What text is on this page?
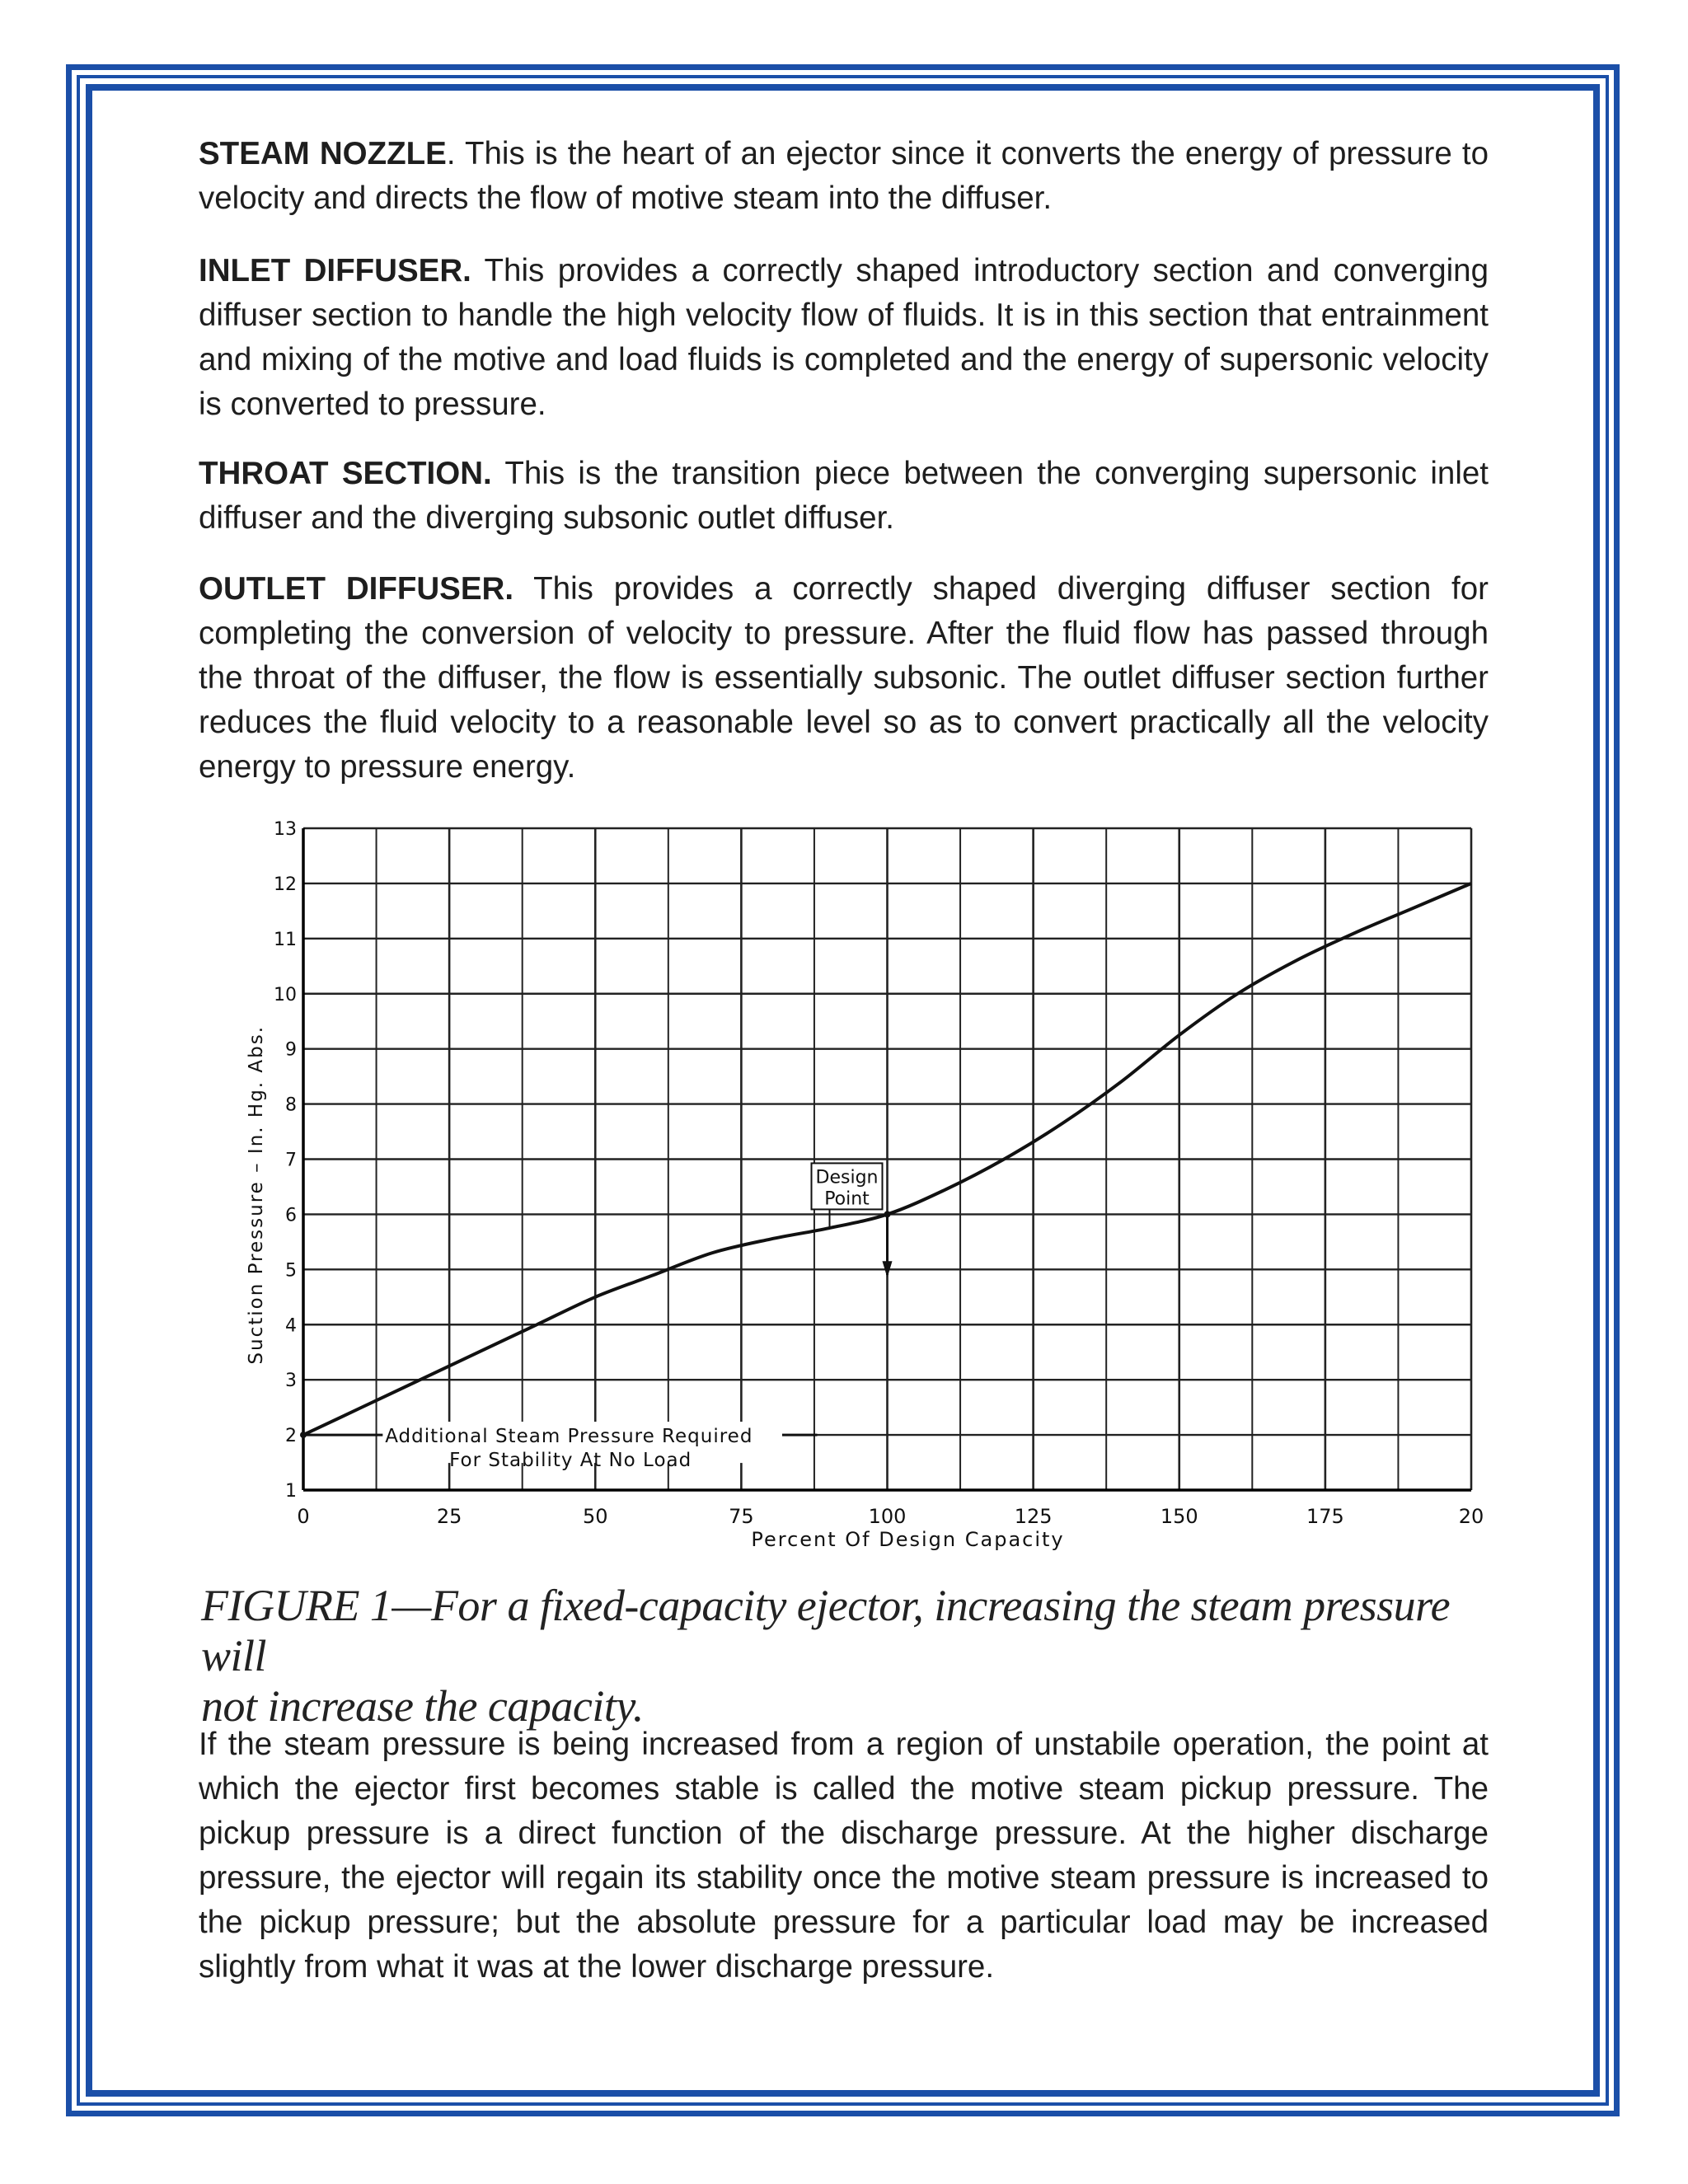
STEAM NOZZLE. This is the heart of an ejector since it converts the energy of pressure to velocity and directs the flow of motive steam into the diffuser.

INLET DIFFUSER. This provides a correctly shaped introductory section and converging diffuser section to handle the high velocity flow of fluids. It is in this section that entrainment and mixing of the motive and load fluids is completed and the energy of supersonic velocity is converted to pressure.

THROAT SECTION. This is the transition piece between the converging supersonic inlet diffuser and the diverging subsonic outlet diffuser.

OUTLET DIFFUSER. This provides a correctly shaped diverging diffuser section for completing the conversion of velocity to pressure. After the fluid flow has passed through the throat of the diffuser, the flow is essentially subsonic. The outlet diffuser section further reduces the fluid velocity to a reasonable level so as to convert practically all the velocity energy to pressure energy.

1
2
3
4
5
6
7
8
9
10
11
12
13
0	25	50	75	100	125	150	175	20
Percent Of Design Capacity
Suction Pressure – In. Hg. Abs.	Design
Point
Additional Steam Pressure Required
For Stability At No Load
FIGURE 1—For a fixed-capacity ejector, increasing the steam pressure will
not increase the capacity.

If the steam pressure is being increased from a region of unstabile operation, the point at which the ejector first becomes stable is called the motive steam pickup pressure. The pickup pressure is a direct function of the discharge pressure. At the higher discharge pressure, the ejector will regain its stability once the motive steam pressure is increased to the pickup pressure; but the absolute pressure for a particular load may be increased slightly from what it was at the lower discharge pressure.
